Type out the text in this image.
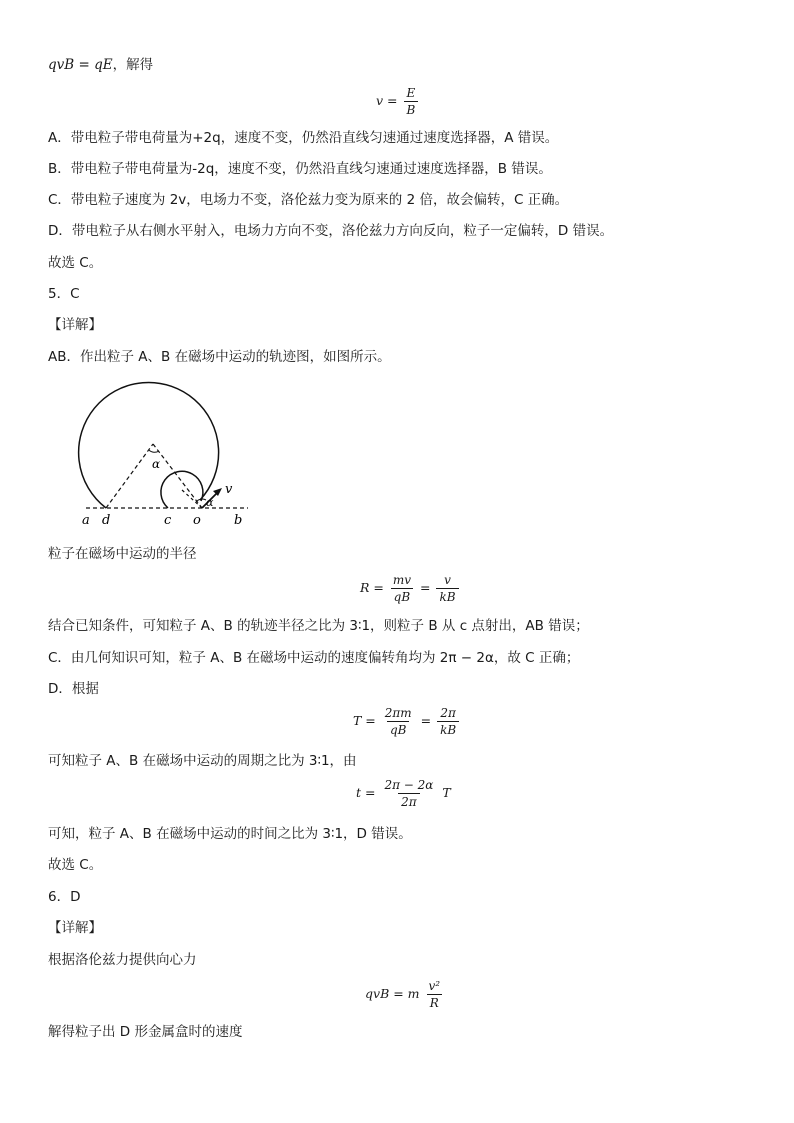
qvB = qE，解得
$v = \frac{E}{B}$
A．带电粒子带电荷量为+2q，速度不变，仍然沿直线匀速通过速度选择器，A 错误。
B．带电粒子带电荷量为-2q，速度不变，仍然沿直线匀速通过速度选择器，B 错误。
C．带电粒子速度为 2v，电场力不变，洛伦兹力变为原来的 2 倍，故会偏转，C 正确。
D．带电粒子从右侧水平射入，电场力方向不变，洛伦兹力方向反向，粒子一定偏转，D 错误。
故选 C。
5．C
【详解】
AB．作出粒子 A、B 在磁场中运动的轨迹图，如图所示。
a d	c o	b
v
α
α
粒子在磁场中运动的半径
$R = \frac{mv}{qB} = \frac{v}{kB}$
结合已知条件，可知粒子 A、B 的轨迹半径之比为 3∶1，则粒子 B 从 c 点射出，AB 错误；
C．由几何知识可知，粒子 A、B 在磁场中运动的速度偏转角均为 2π − 2α，故 C 正确；
D．根据
$T = \frac{2\pi m}{qB} = \frac{2\pi}{kB}$
可知粒子 A、B 在磁场中运动的周期之比为 3∶1，由
$t = \frac{2\pi - 2\alpha}{2\pi}$ T
可知，粒子 A、B 在磁场中运动的时间之比为 3∶1，D 错误。
故选 C。
6．D
【详解】
根据洛伦兹力提供向心力
qvB = m $\frac{\text{v²}}{R}$
解得粒子出 D 形金属盒时的速度
